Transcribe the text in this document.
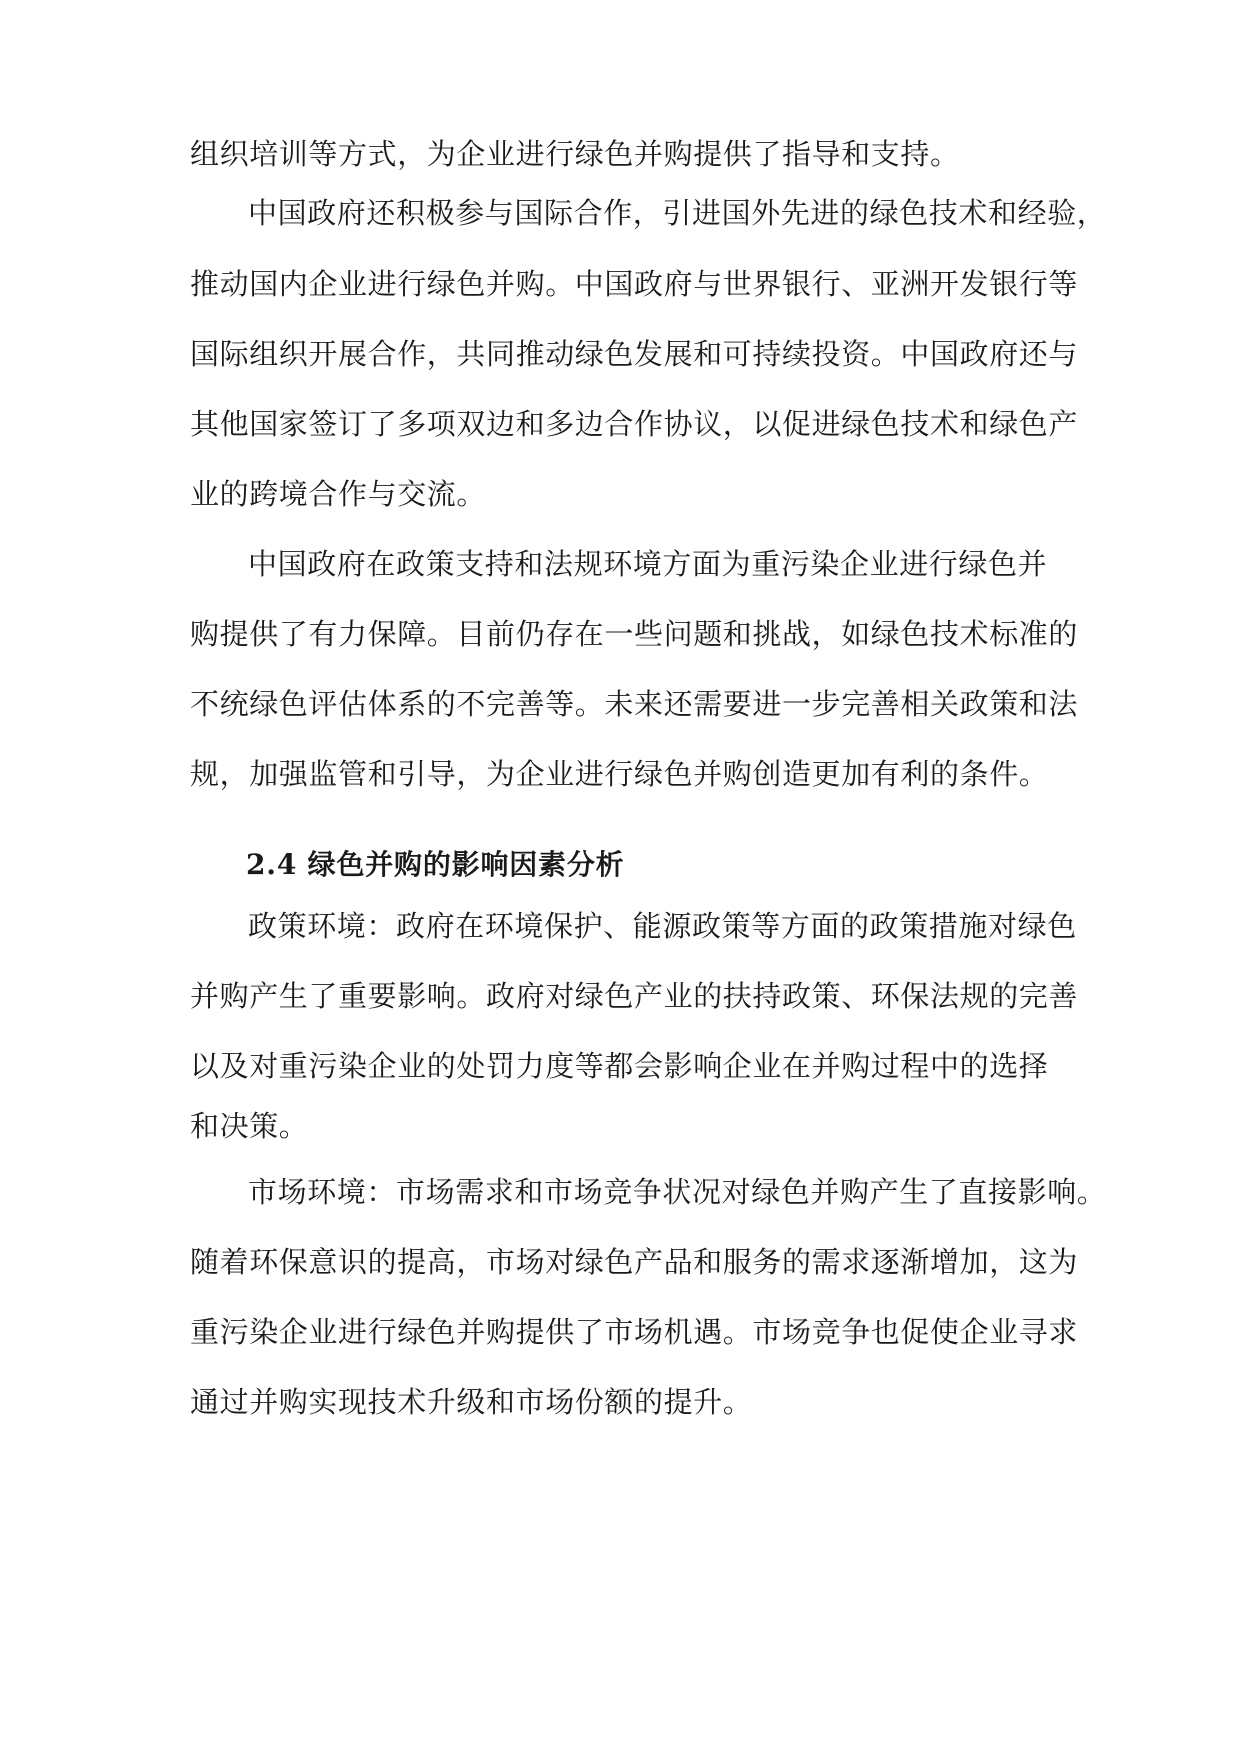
组织培训等方式，为企业进行绿色并购提供了指导和支持。
中国政府还积极参与国际合作，引进国外先进的绿色技术和经验，
推动国内企业进行绿色并购。中国政府与世界银行、亚洲开发银行等
国际组织开展合作，共同推动绿色发展和可持续投资。中国政府还与
其他国家签订了多项双边和多边合作协议，以促进绿色技术和绿色产
业的跨境合作与交流。
中国政府在政策支持和法规环境方面为重污染企业进行绿色并
购提供了有力保障。目前仍存在一些问题和挑战，如绿色技术标准的
不统绿色评估体系的不完善等。未来还需要进一步完善相关政策和法
规，加强监管和引导，为企业进行绿色并购创造更加有利的条件。
2.4 绿色并购的影响因素分析
政策环境：政府在环境保护、能源政策等方面的政策措施对绿色
并购产生了重要影响。政府对绿色产业的扶持政策、环保法规的完善
以及对重污染企业的处罚力度等都会影响企业在并购过程中的选择
和决策。
市场环境：市场需求和市场竞争状况对绿色并购产生了直接影响。
随着环保意识的提高，市场对绿色产品和服务的需求逐渐增加，这为
重污染企业进行绿色并购提供了市场机遇。市场竞争也促使企业寻求
通过并购实现技术升级和市场份额的提升。
